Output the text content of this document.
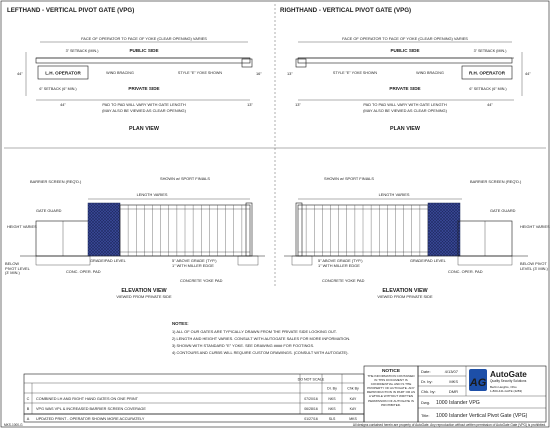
LEFTHAND - VERTICAL PIVOT GATE (VPG)
FACE OF OPERATOR TO FACE OF YOKE (CLEAR OPENING) VARIES
PUBLIC SIDE
3" SETBACK (MIN.)
L.H. OPERATOR	WIND BRACING	STYLE "E" YOKE SHOWN
6" SETBACK (6" MIN.)	PRIVATE SIDE
44"	16"
44"	13"
PAD TO PAD WILL VARY WITH GATE LENGTH
(MAY ALSO BE VIEWED AS CLEAR OPENING)
PLAN VIEW
RIGHTHAND - VERTICAL PIVOT GATE (VPG)
FACE OF OPERATOR TO FACE OF YOKE (CLEAR OPENING) VARIES
PUBLIC SIDE	3" SETBACK (MIN.)
R.H. OPERATOR
WIND BRACING
STYLE "E" YOKE SHOWN
6" SETBACK (6" MIN.)
PRIVATE SIDE
44"
13"
13"	44"
PAD TO PAD WILL VARY WITH GATE LENGTH
(MAY ALSO BE VIEWED AS CLEAR OPENING)
PLAN VIEW
BARRIER SCREEN (REQ'D.)
SHOWN w/ SPORT FINIALS
LENGTH VARIES
GATE GUARD
HEIGHT VARIES
GRADE/PAD LEVEL	5" ABOVE GRADE (TYP.)
1" WITH MILLER EDGE
BELOW PIVOT LEVEL (3' MIN.)	CONC. OPER. PAD
CONCRETE YOKE PAD
ELEVATION VIEW
VIEWED FROM PRIVATE SIDE
BARRIER SCREEN (REQ'D.)
SHOWN w/ SPORT FINIALS
LENGTH VARIES
GATE GUARD
HEIGHT VARIES
GRADE/PAD LEVEL
5" ABOVE GRADE (TYP.)
1" WITH MILLER EDGE	BELOW PIVOT LEVEL (3' MIN.)
CONC. OPER. PAD
CONCRETE YOKE PAD
ELEVATION VIEW
VIEWED FROM PRIVATE SIDE
NOTES:
1) ALL OF OUR GATES ARE TYPICALLY DRAWN FROM THE PRIVATE SIDE LOOKING OUT.
2) LENGTH AND HEIGHT VARIES. CONSULT WITH AUTOGATE SALES FOR MORE INFORMATION.
3) SHOWN WITH STANDARD "E" YOKE. SEE DRAWING #### FOR FOOTINGS.
4) CONTOURS AND CURBS WILL REQUIRE CUSTOM DRAWINGS. (CONSULT WITH AUTOGATE).
DO NOT SCALE
Dr. By	Chk By
C COMBINED LH AND RIGHT HAND GATES ON ONE PRINT	07/20/16	NKS	KAY
B VPG WAS VPL & INCREASED BARRIER SCREEN COVERAGE	06/28/16	NKS	KAY
A UPDATED PRINT - OPERATOR SHOWN MORE ACCURATELY	01/27/16	SLS	MKS
NOTICE
THE INFORMATION CONTAINED IN THIS DOCUMENT IS CONFIDENTIAL AND IS THE PROPERTY OF AUTOGATE. ANY REPRODUCTION IN PART OR AS A WHOLE WITHOUT WRITTEN PERMISSION OF AUTOGATE IS PROHIBITED.
Date:	4/13/07
Dr. by:	MKS
Chk. by:	DMR
Dwg. 1000 Islander VPG
Title: 1000 Islander Vertical Pivot Gate (VPG)
AG
AutoGate
Quality Security Solutions
Berlin Heights, Ohio
1-800-441-GATE (4283)
MKS-1000-G	All designs contained herein are property of AutoGate. Any reproduction without written permission of AutoGate Gate (VPG) is prohibited.
